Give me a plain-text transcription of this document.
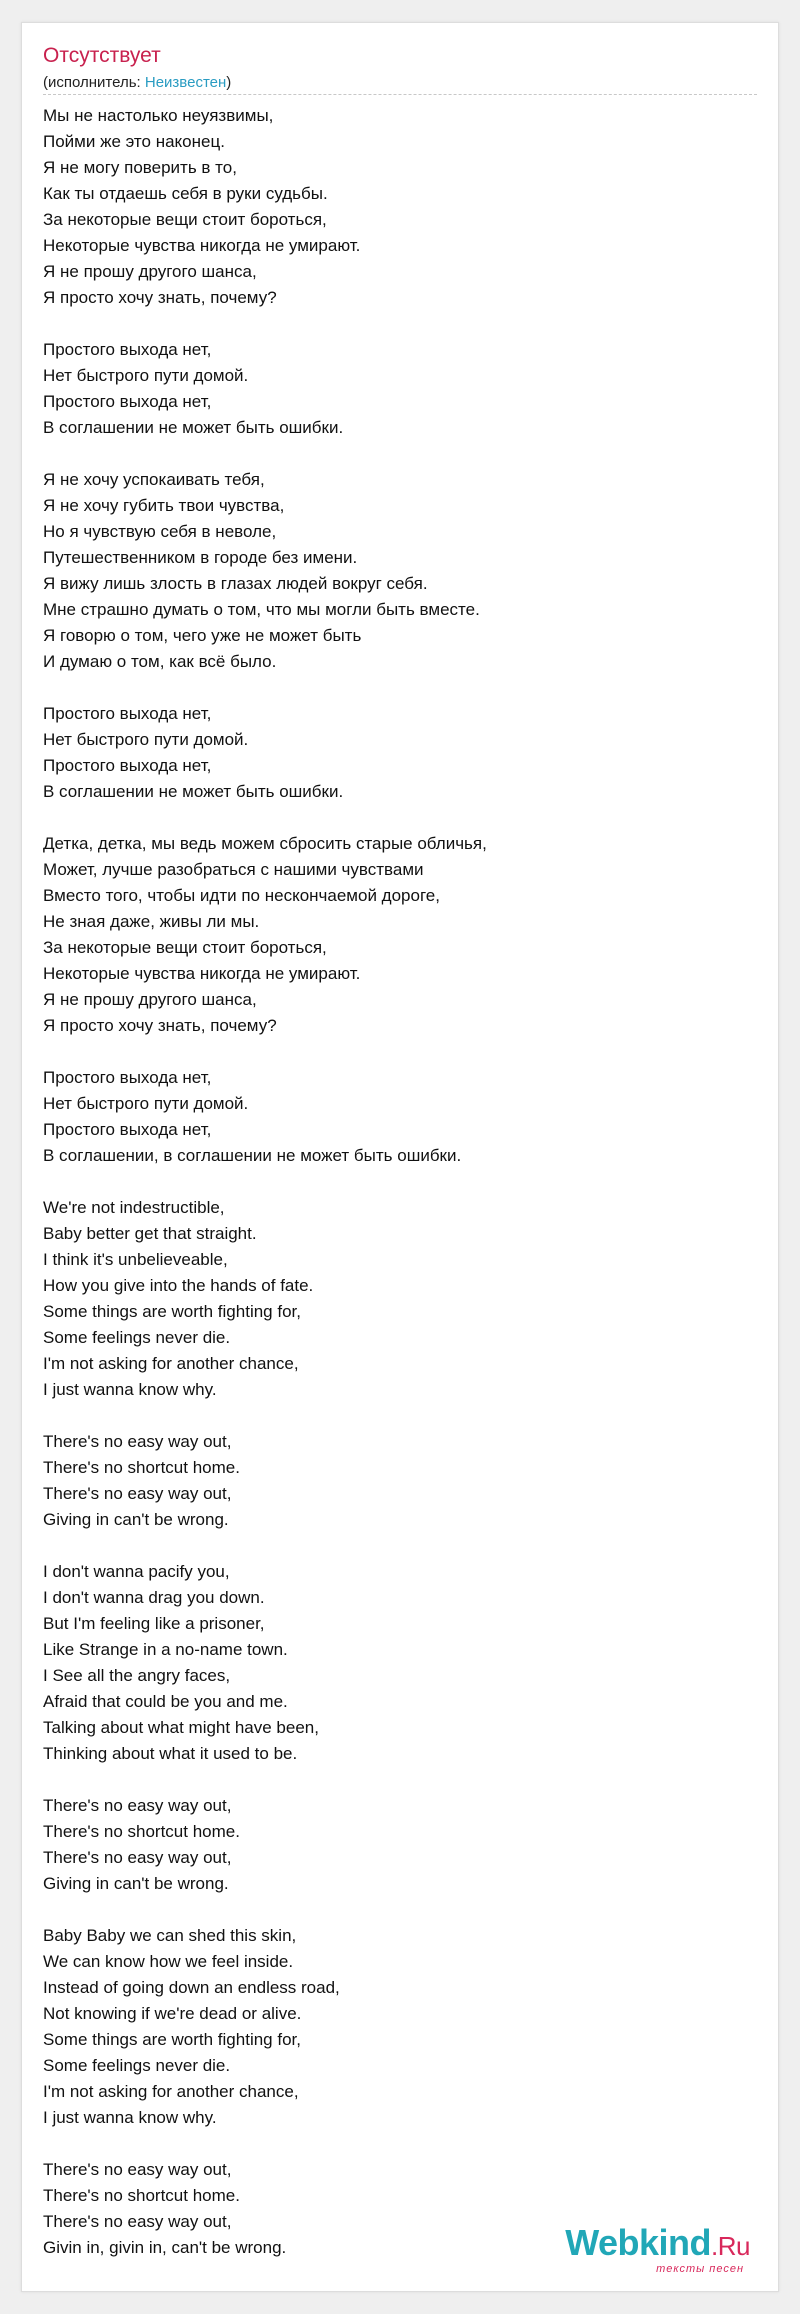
Отсутствует
(исполнитель: Неизвестен)
Мы не настолько неуязвимы,
Пойми же это наконец.
Я не могу поверить в то,
Как ты отдаешь себя в руки судьбы.
За некоторые вещи стоит бороться,
Некоторые чувства никогда не умирают.
Я не прошу другого шанса,
Я просто хочу знать, почему?
Простого выхода нет,
Нет быстрого пути домой.
Простого выхода нет,
В соглашении не может быть ошибки.
Я не хочу успокаивать тебя,
Я не хочу губить твои чувства,
Но я чувствую себя в неволе,
Путешественником в городе без имени.
Я вижу лишь злость в глазах людей вокруг себя.
Мне страшно думать о том, что мы могли быть вместе.
Я говорю о том, чего уже не может быть
И думаю о том, как всё было.
Простого выхода нет,
Нет быстрого пути домой.
Простого выхода нет,
В соглашении не может быть ошибки.
Детка, детка, мы ведь можем сбросить старые обличья,
Может, лучше разобраться с нашими чувствами
Вместо того, чтобы идти по нескончаемой дороге,
Не зная даже, живы ли мы.
За некоторые вещи стоит бороться,
Некоторые чувства никогда не умирают.
Я не прошу другого шанса,
Я просто хочу знать, почему?
Простого выхода нет,
Нет быстрого пути домой.
Простого выхода нет,
В соглашении, в соглашении не может быть ошибки.
We're not indestructible,
Baby better get that straight.
I think it's unbelieveable,
How you give into the hands of fate.
Some things are worth fighting for,
Some feelings never die.
I'm not asking for another chance,
I just wanna know why.
There's no easy way out,
There's no shortcut home.
There's no easy way out,
Giving in can't be wrong.
I don't wanna pacify you,
I don't wanna drag you down.
But I'm feeling like a prisoner,
Like Strange in a no-name town.
I See all the angry faces,
Afraid that could be you and me.
Talking about what might have been,
Thinking about what it used to be.
There's no easy way out,
There's no shortcut home.
There's no easy way out,
Giving in can't be wrong.
Baby Baby we can shed this skin,
We can know how we feel inside.
Instead of going down an endless road,
Not knowing if we're dead or alive.
Some things are worth fighting for,
Some feelings never die.
I'm not asking for another chance,
I just wanna know why.
There's no easy way out,
There's no shortcut home.
There's no easy way out,
Givin in, givin in, can't be wrong.	Webkind.Ru
тексты песен
